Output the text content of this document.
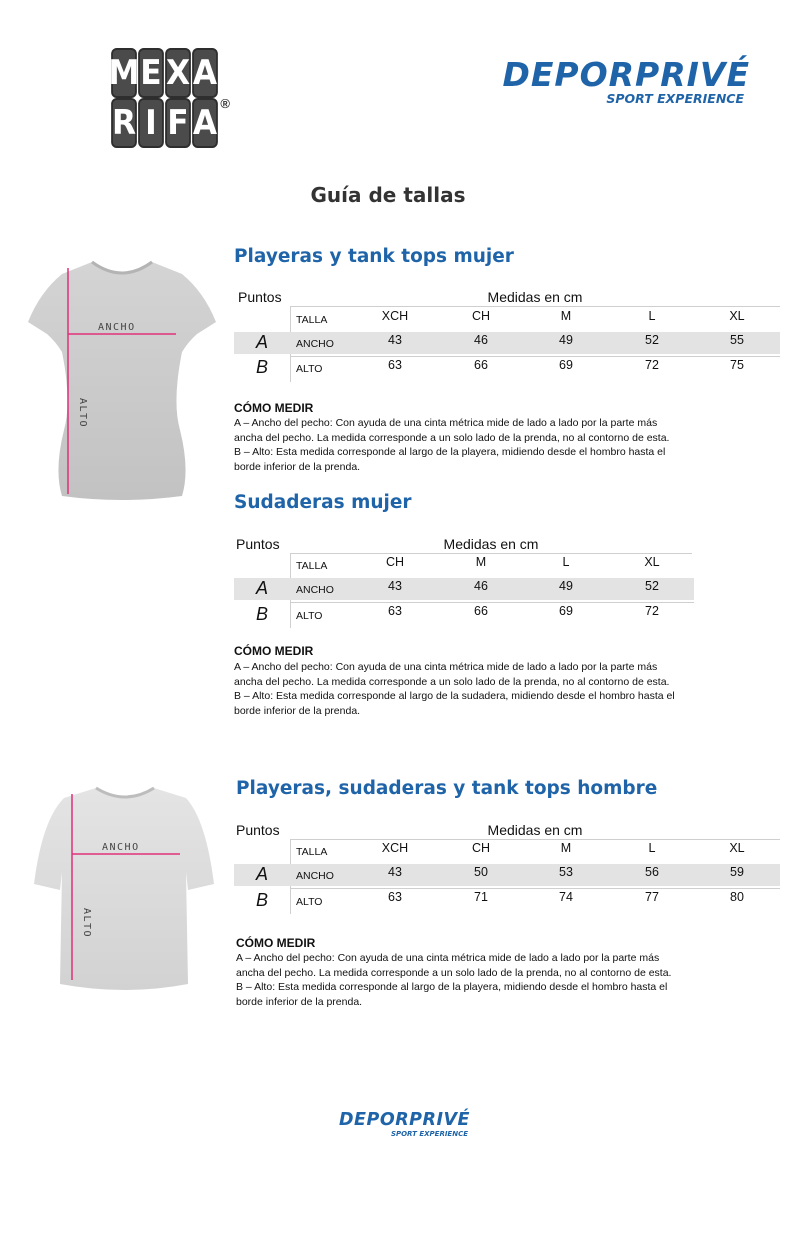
M E X A
R I F A ®
DEPORPRIVÉ
SPORT EXPERIENCE
Guía de tallas
ANCHO
ALTO
ANCHO
ALTO
Playeras y tank tops mujer
Puntos	Medidas en cm
TALLA	XCH	CH	M	L	XL
A	ANCHO	43	46	49	52	55
B	ALTO	63	66	69	72	75
CÓMO MEDIR
A – Ancho del pecho: Con ayuda de una cinta métrica mide de lado a lado por la parte más
ancha del pecho. La medida corresponde a un solo lado de la prenda, no al contorno de esta.
B – Alto: Esta medida corresponde al largo de la playera, midiendo desde el hombro hasta el
borde inferior de la prenda.
Sudaderas mujer
Puntos	Medidas en cm
TALLA	CH	M	L	XL
A	ANCHO	43	46	49	52
B	ALTO	63	66	69	72
CÓMO MEDIR
A – Ancho del pecho: Con ayuda de una cinta métrica mide de lado a lado por la parte más
ancha del pecho. La medida corresponde a un solo lado de la prenda, no al contorno de esta.
B – Alto: Esta medida corresponde al largo de la sudadera, midiendo desde el hombro hasta el
borde inferior de la prenda.
Playeras, sudaderas y tank tops hombre
Puntos	Medidas en cm
TALLA	XCH	CH	M	L	XL
A	ANCHO	43	50	53	56	59
B	ALTO	63	71	74	77	80
CÓMO MEDIR
A – Ancho del pecho: Con ayuda de una cinta métrica mide de lado a lado por la parte más
ancha del pecho. La medida corresponde a un solo lado de la prenda, no al contorno de esta.
B – Alto: Esta medida corresponde al largo de la playera, midiendo desde el hombro hasta el
borde inferior de la prenda.
DEPORPRIVÉ
SPORT EXPERIENCE
